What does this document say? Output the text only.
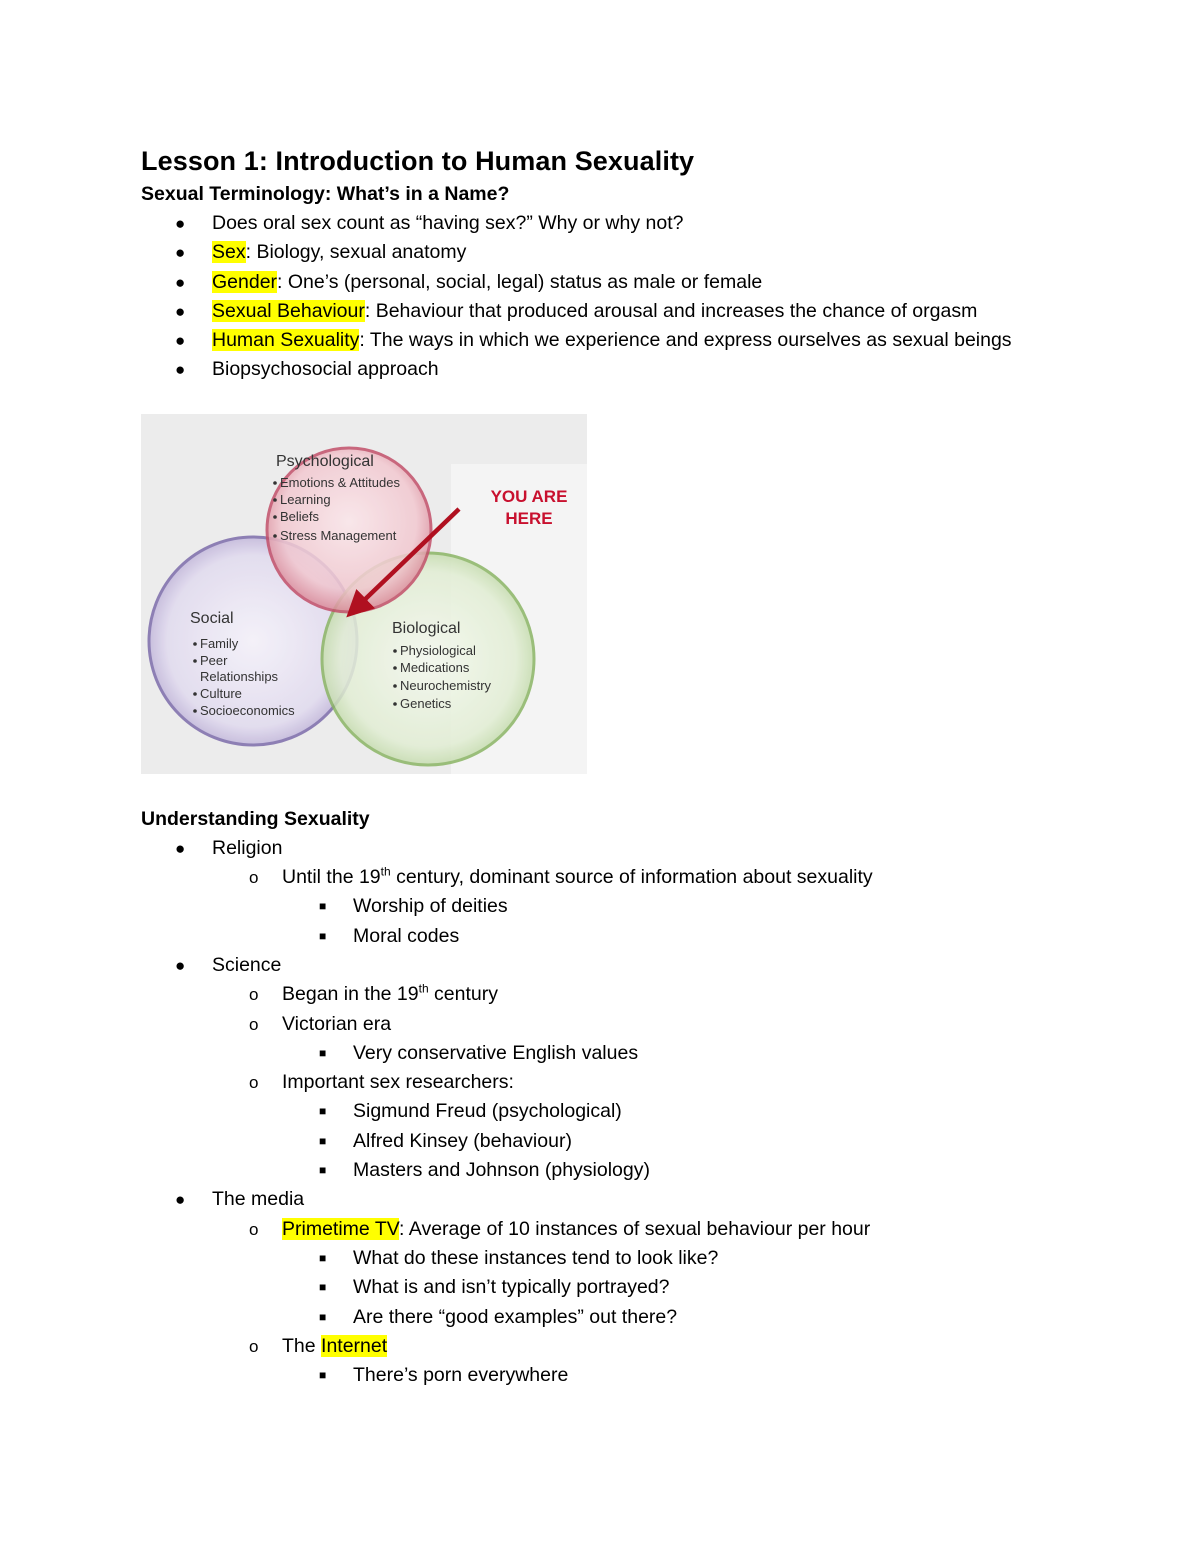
Lesson 1: Introduction to Human Sexuality
Sexual Terminology: What’s in a Name?
● Does oral sex count as “having sex?” Why or why not?
● Sex: Biology, sexual anatomy
● Gender: One’s (personal, social, legal) status as male or female
● Sexual Behaviour: Behaviour that produced arousal and increases the chance of orgasm
● Human Sexuality: The ways in which we experience and express ourselves as sexual beings
● Biopsychosocial approach
YOU ARE
HERE
Psychological
Emotions & Attitudes
Learning
Beliefs
Stress Management
Social
Family
Peer
Relationships
Culture
Socioeconomics
Biological
Physiological
Medications
Neurochemistry
Genetics
Understanding Sexuality
● Religion
o Until the 19th century, dominant source of information about sexuality
■ Worship of deities
■ Moral codes
● Science
o Began in the 19th century
o Victorian era
■ Very conservative English values
o Important sex researchers:
■ Sigmund Freud (psychological)
■ Alfred Kinsey (behaviour)
■ Masters and Johnson (physiology)
● The media
o Primetime TV: Average of 10 instances of sexual behaviour per hour
■ What do these instances tend to look like?
■ What is and isn’t typically portrayed?
■ Are there “good examples” out there?
o The Internet
■ There’s porn everywhere
